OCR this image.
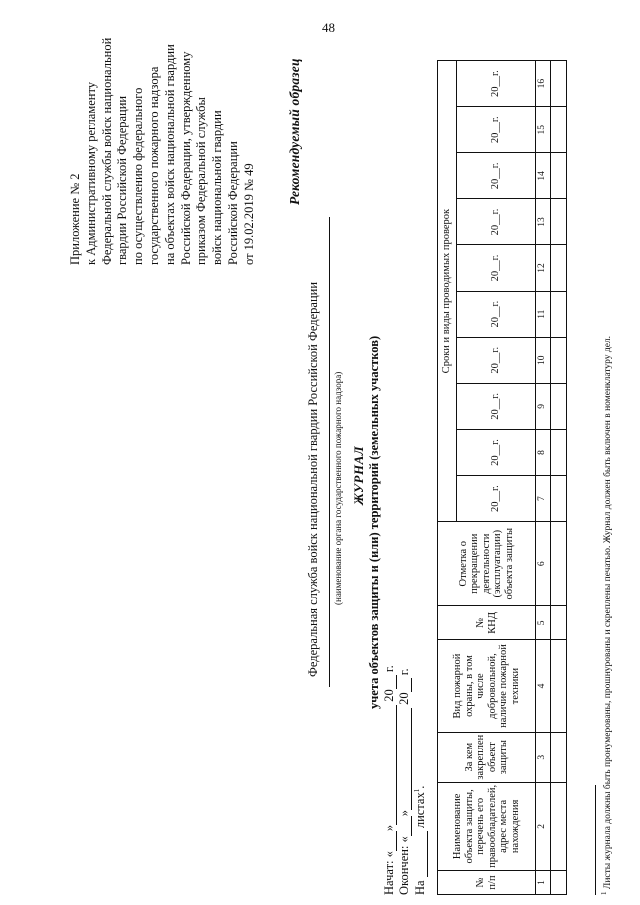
48
Приложение № 2 к Административному регламенту Федеральной службы войск национальной гвардии Российской Федерации по осуществлению федерального государственного пожарного надзора на объектах войск национальной гвардии Российской Федерации, утвержденному приказом Федеральной службы войск национальной гвардии Российской Федерации от 19.02.2019 № 49
Рекомендуемый образец
Федеральная служба войск национальной гвардии Российской Федерации (наименование органа государственного пожарного надзора) ЖУРНАЛ учета объектов защиты и (или) территорий (земельных участков)
Начат: «» 20 г.
Окончен: «» 20 г.
На  листах$^1$.
№ п/п	Наименование объекта защиты, перечень его правообладателей, адрес места нахождения	За кем закреплен объект защиты	Вид пожарной охраны, в том числе добровольной, наличие пожарной техники	№ КНД	Отметка о прекращении деятельности (эксплуатации) объекта защиты	Сроки и виды проводимых проверок									
						20__г.	20__г.	20__г.	20__г.	20__г.	20__г.	20__г.	20__г.	20__г.	20__г.
1	2	3	4	5	6	7	8	9	10	11	12	13	14	15	16

$^1$ Листы журнала должны быть пронумерованы, прошнурованы и скреплены печатью. Журнал должен быть включен в номенклатуру дел.
